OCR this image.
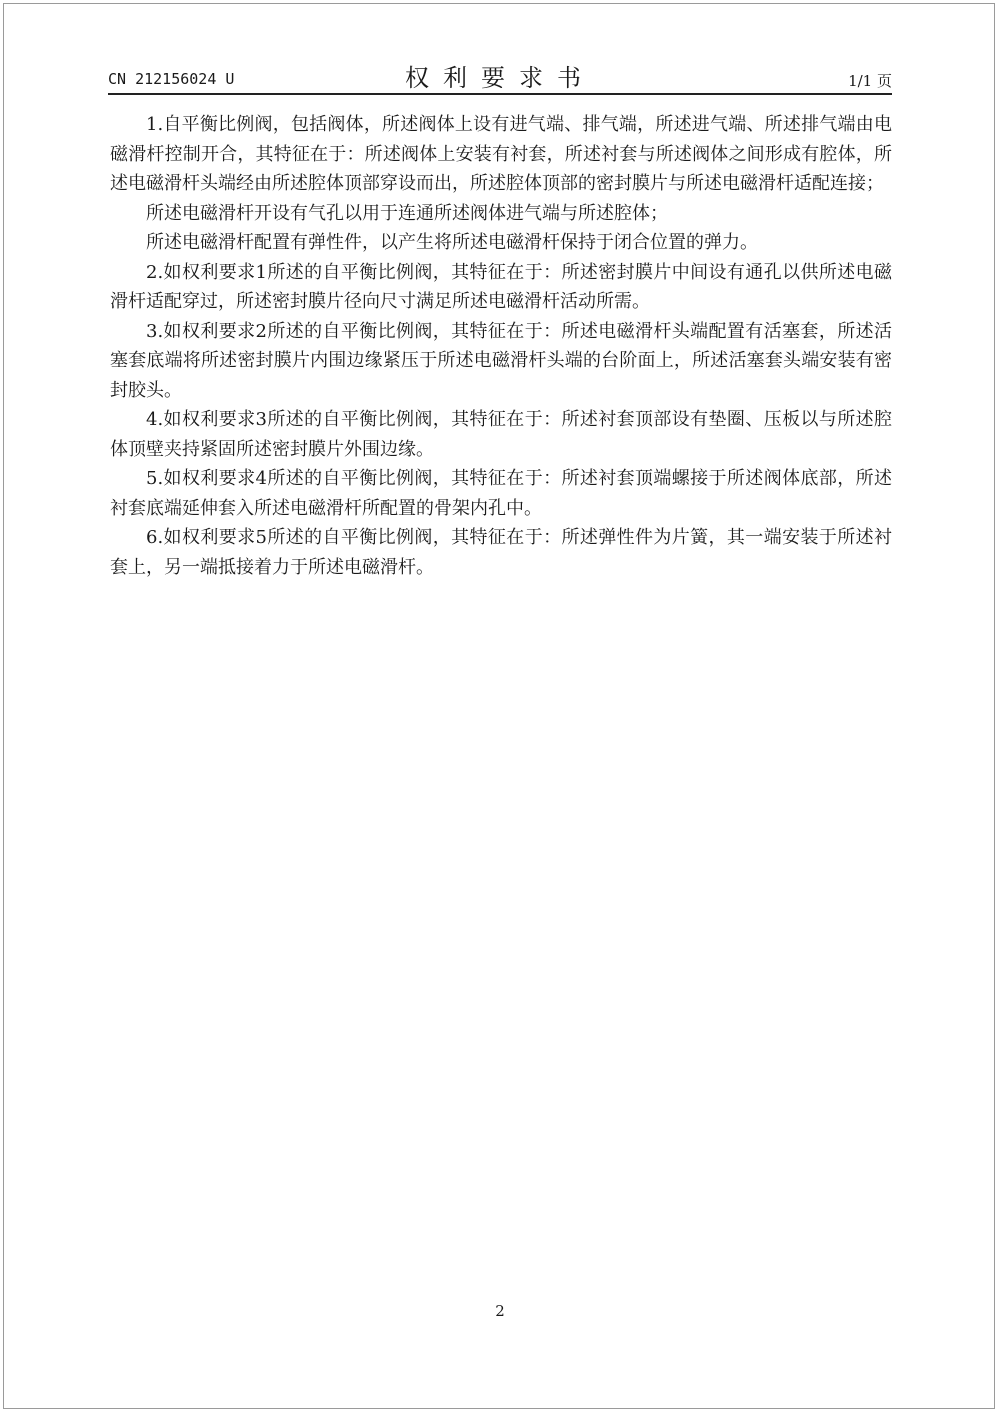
CN 212156024 U	权利要求书	1/1 页

1.自平衡比例阀，包括阀体，所述阀体上设有进气端、排气端，所述进气端、所述排气端由电磁滑杆控制开合，其特征在于：所述阀体上安装有衬套，所述衬套与所述阀体之间形成有腔体，所述电磁滑杆头端经由所述腔体顶部穿设而出，所述腔体顶部的密封膜片与所述电磁滑杆适配连接；

所述电磁滑杆开设有气孔以用于连通所述阀体进气端与所述腔体；

所述电磁滑杆配置有弹性件，以产生将所述电磁滑杆保持于闭合位置的弹力。

2.如权利要求1所述的自平衡比例阀，其特征在于：所述密封膜片中间设有通孔以供所述电磁滑杆适配穿过，所述密封膜片径向尺寸满足所述电磁滑杆活动所需。

3.如权利要求2所述的自平衡比例阀，其特征在于：所述电磁滑杆头端配置有活塞套，所述活塞套底端将所述密封膜片内围边缘紧压于所述电磁滑杆头端的台阶面上，所述活塞套头端安装有密封胶头。

4.如权利要求3所述的自平衡比例阀，其特征在于：所述衬套顶部设有垫圈、压板以与所述腔体顶壁夹持紧固所述密封膜片外围边缘。

5.如权利要求4所述的自平衡比例阀，其特征在于：所述衬套顶端螺接于所述阀体底部，所述衬套底端延伸套入所述电磁滑杆所配置的骨架内孔中。

6.如权利要求5所述的自平衡比例阀，其特征在于：所述弹性件为片簧，其一端安装于所述衬套上，另一端抵接着力于所述电磁滑杆。

2
